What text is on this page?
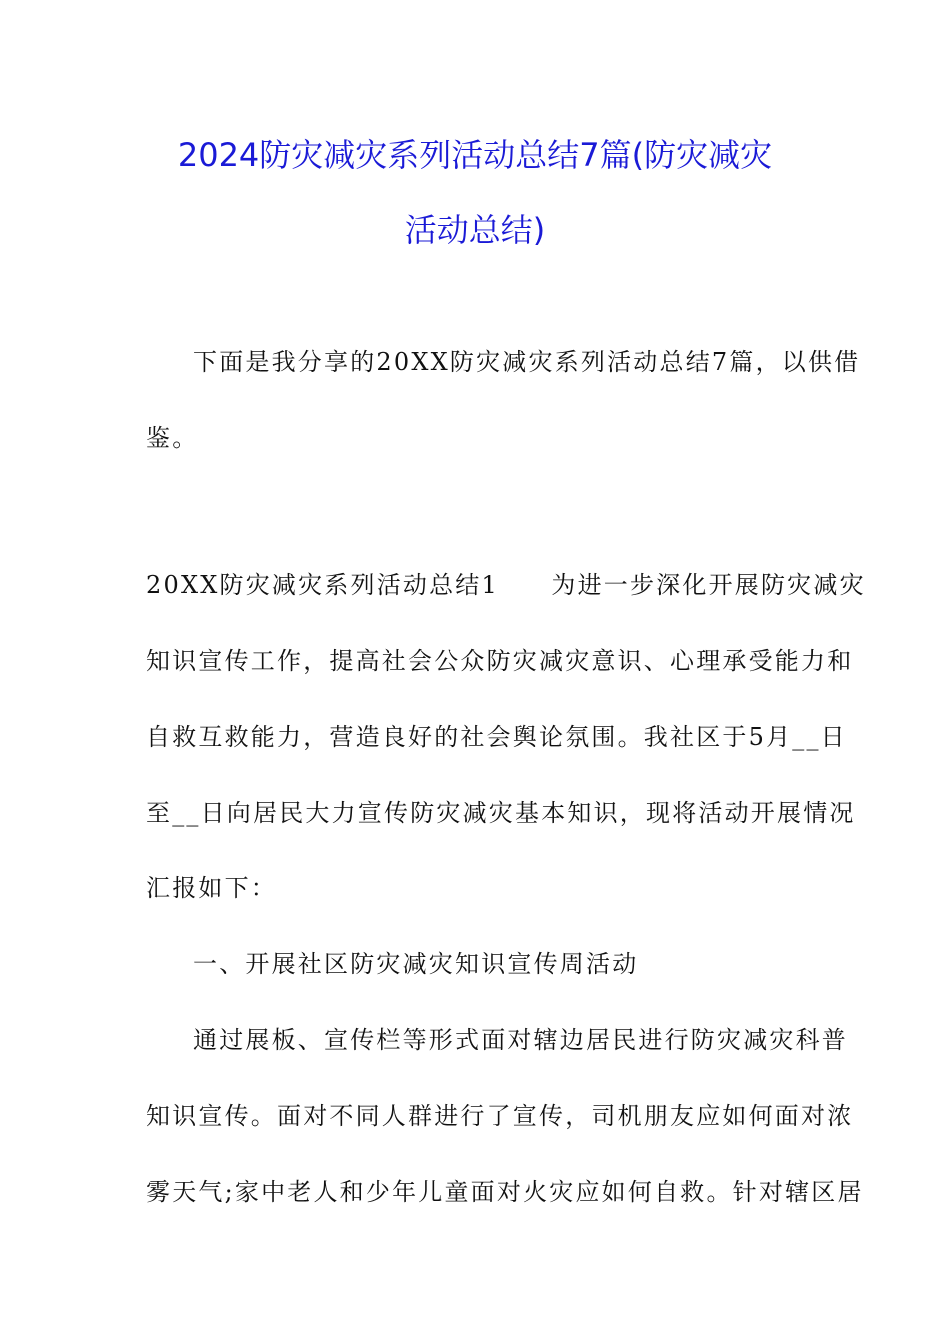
2024防灾减灾系列活动总结7篇(防灾减灾
活动总结)
下面是我分享的20XX防灾减灾系列活动总结7篇，以供借
鉴。
20XX防灾减灾系列活动总结1　　为进一步深化开展防灾减灾
知识宣传工作，提高社会公众防灾减灾意识、心理承受能力和
自救互救能力，营造良好的社会舆论氛围。我社区于5月__日
至__日向居民大力宣传防灾减灾基本知识，现将活动开展情况
汇报如下：
一、开展社区防灾减灾知识宣传周活动
通过展板、宣传栏等形式面对辖边居民进行防灾减灾科普
知识宣传。面对不同人群进行了宣传，司机朋友应如何面对浓
雾天气;家中老人和少年儿童面对火灾应如何自救。针对辖区居
